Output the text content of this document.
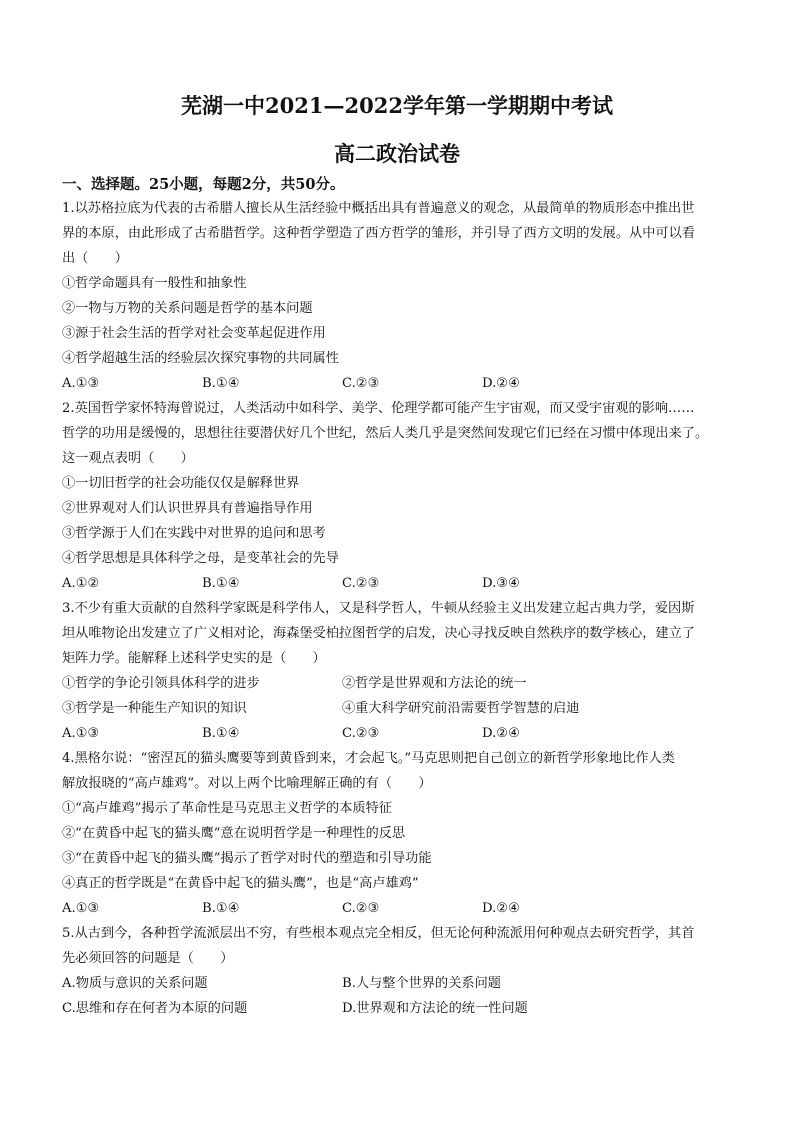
芜湖一中2021—2022学年第一学期期中考试
高二政治试卷
一、选择题。25小题，每题2分，共50分。
1.以苏格拉底为代表的古希腊人擅长从生活经验中概括出具有普遍意义的观念，从最简单的物质形态中推出世
界的本原，由此形成了古希腊哲学。这种哲学塑造了西方哲学的雏形，并引导了西方文明的发展。从中可以看
出（　　）
①哲学命题具有一般性和抽象性
②一物与万物的关系问题是哲学的基本问题
③源于社会生活的哲学对社会变革起促进作用
④哲学超越生活的经验层次探究事物的共同属性
A.①③	B.①④	C.②③	D.②④
2.英国哲学家怀特海曾说过，人类活动中如科学、美学、伦理学都可能产生宇宙观，而又受宇宙观的影响……
哲学的功用是缓慢的，思想往往要潜伏好几个世纪，然后人类几乎是突然间发现它们已经在习惯中体现出来了。
这一观点表明（　　）
①一切旧哲学的社会功能仅仅是解释世界
②世界观对人们认识世界具有普遍指导作用
③哲学源于人们在实践中对世界的追问和思考
④哲学思想是具体科学之母，是变革社会的先导
A.①②	B.①④	C.②③	D.③④
3.不少有重大贡献的自然科学家既是科学伟人，又是科学哲人，牛顿从经验主义出发建立起古典力学，爱因斯
坦从唯物论出发建立了广义相对论，海森堡受柏拉图哲学的启发，决心寻找反映自然秩序的数学核心，建立了
矩阵力学。能解释上述科学史实的是（　　）
①哲学的争论引领具体科学的进步	②哲学是世界观和方法论的统一
③哲学是一种能生产知识的知识	④重大科学研究前沿需要哲学智慧的启迪
A.①③	B.①④	C.②③	D.②④
4.黑格尔说：“密涅瓦的猫头鹰要等到黄昏到来，才会起飞。”马克思则把自己创立的新哲学形象地比作人类
解放报晓的“高卢雄鸡”。对以上两个比喻理解正确的有（　　）
①“高卢雄鸡”揭示了革命性是马克思主义哲学的本质特征
②“在黄昏中起飞的猫头鹰”意在说明哲学是一种理性的反思
③“在黄昏中起飞的猫头鹰”揭示了哲学对时代的塑造和引导功能
④真正的哲学既是“在黄昏中起飞的猫头鹰”，也是“高卢雄鸡”
A.①③	B.①④	C.②③	D.②④
5.从古到今，各种哲学流派层出不穷，有些根本观点完全相反，但无论何种流派用何种观点去研究哲学，其首
先必须回答的问题是（　　）
A.物质与意识的关系问题	B.人与整个世界的关系问题
C.思维和存在何者为本原的问题	D.世界观和方法论的统一性问题
